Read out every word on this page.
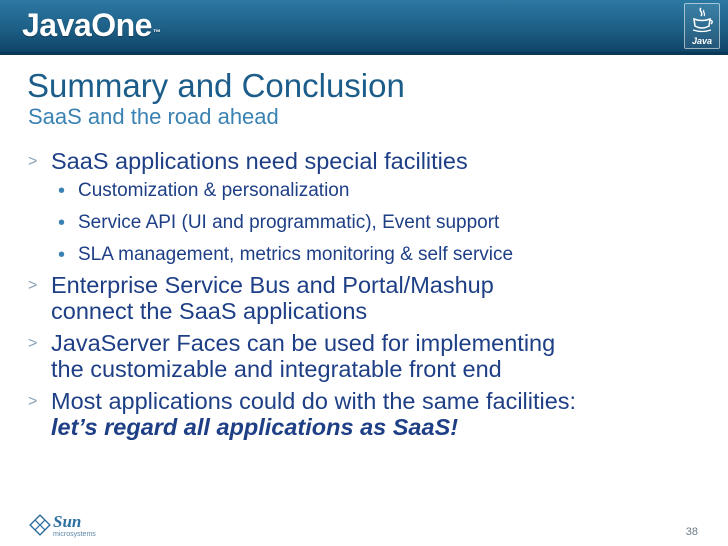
JavaOne™
Java
Summary and Conclusion
SaaS and the road ahead
> SaaS applications need special facilities
• Customization & personalization
• Service API (UI and programmatic), Event support
• SLA management, metrics monitoring & self service
> Enterprise Service Bus and Portal/Mashup
connect the SaaS applications
> JavaServer Faces can be used for implementing
the customizable and integratable front end
> Most applications could do with the same facilities:
let’s regard all applications as SaaS!
Sun
microsystems	38
